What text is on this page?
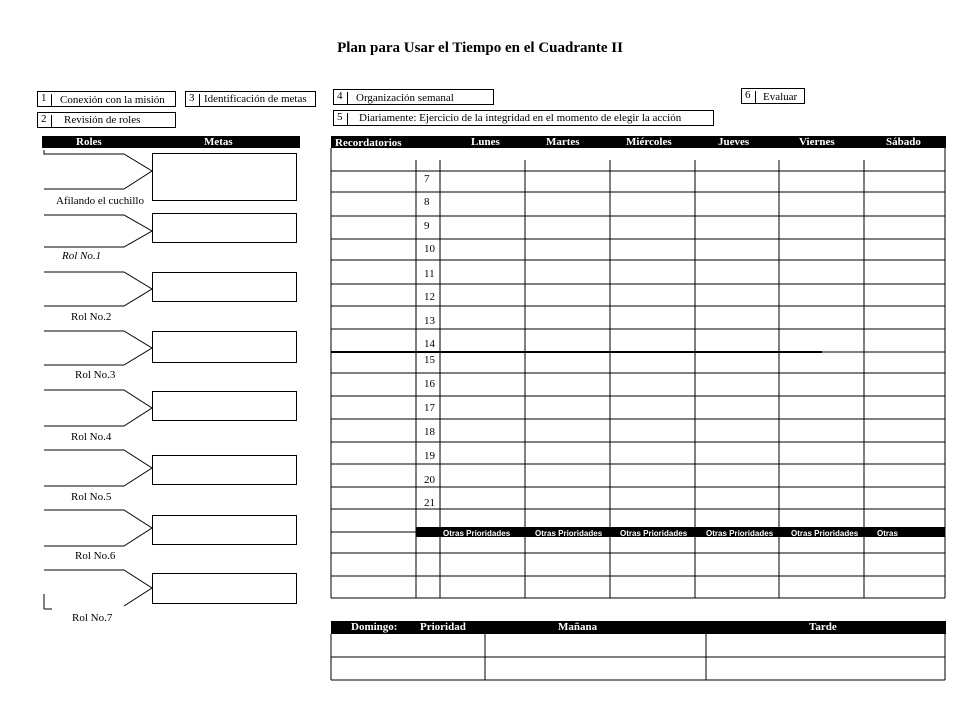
Plan para Usar el Tiempo en el Cuadrante II
1 Conexión con la misión
2 Revisión de roles
3 Identificación de metas	4 Organización semanal
5 Diariamente: Ejercicio de la integridad en el momento de elegir la acción
6 Evaluar
Roles	Metas
Afilando el cuchillo
Rol No.1
Rol No.2
Rol No.3
Rol No.4
Rol No.5
Rol No.6
Rol No.7
Recordatorios	Lunes	Martes	Miércoles	Jueves	Viernes	Sábado
7
8
9
10
11
12
13
14
15
16
17
18
19
20
21
Otras Prioridades	Otras Prioridades Otras Prioridades Otras Prioridades Otras Prioridades Otras
Domingo: Prioridad	Mañana	Tarde
